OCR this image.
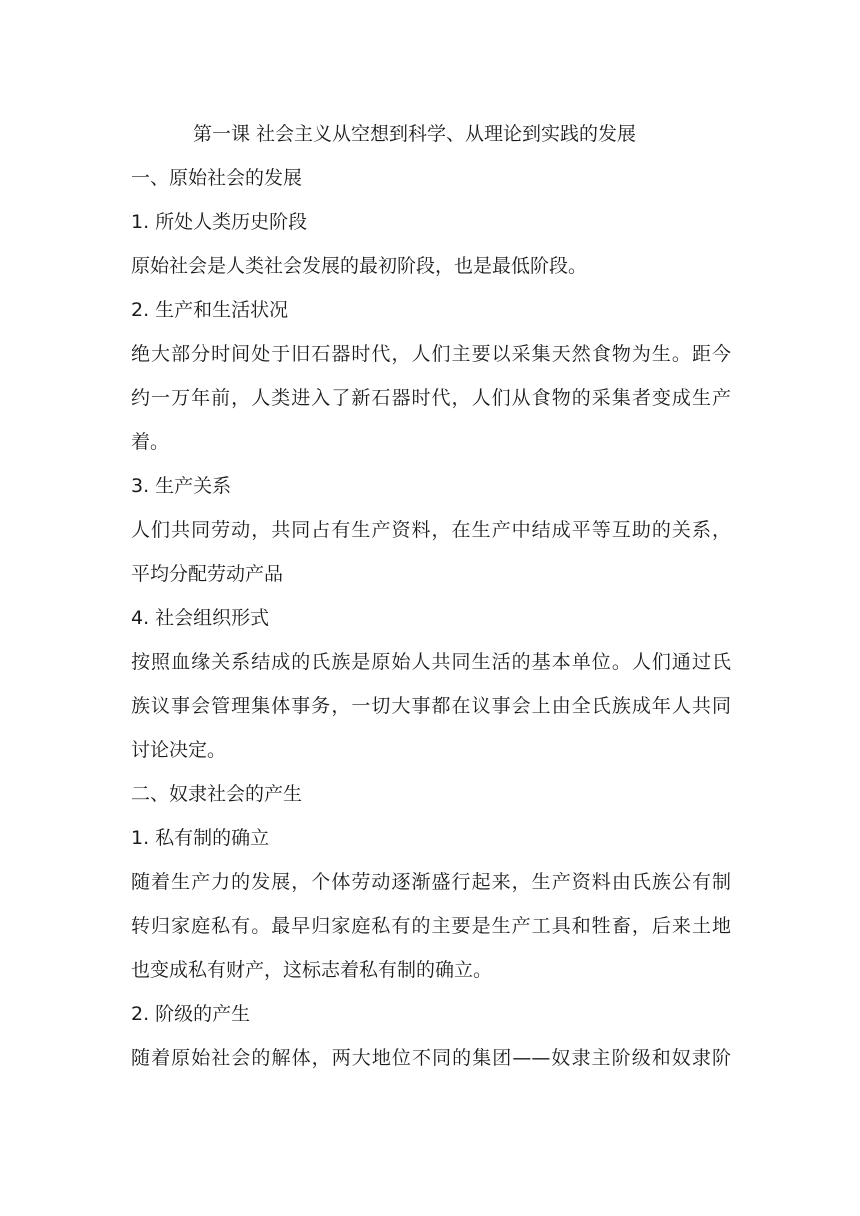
第一课 社会主义从空想到科学、从理论到实践的发展

一、原始社会的发展

1. 所处人类历史阶段

原始社会是人类社会发展的最初阶段，也是最低阶段。

2. 生产和生活状况

绝大部分时间处于旧石器时代，人们主要以采集天然食物为生。距今

约一万年前，人类进入了新石器时代，人们从食物的采集者变成生产

着。

3. 生产关系

人们共同劳动，共同占有生产资料，在生产中结成平等互助的关系，

平均分配劳动产品

4. 社会组织形式

按照血缘关系结成的氏族是原始人共同生活的基本单位。人们通过氏

族议事会管理集体事务，一切大事都在议事会上由全氏族成年人共同

讨论决定。

二、奴隶社会的产生

1. 私有制的确立

随着生产力的发展，个体劳动逐渐盛行起来，生产资料由氏族公有制

转归家庭私有。最早归家庭私有的主要是生产工具和牲畜，后来土地

也变成私有财产，这标志着私有制的确立。

2. 阶级的产生

随着原始社会的解体，两大地位不同的集团——奴隶主阶级和奴隶阶
